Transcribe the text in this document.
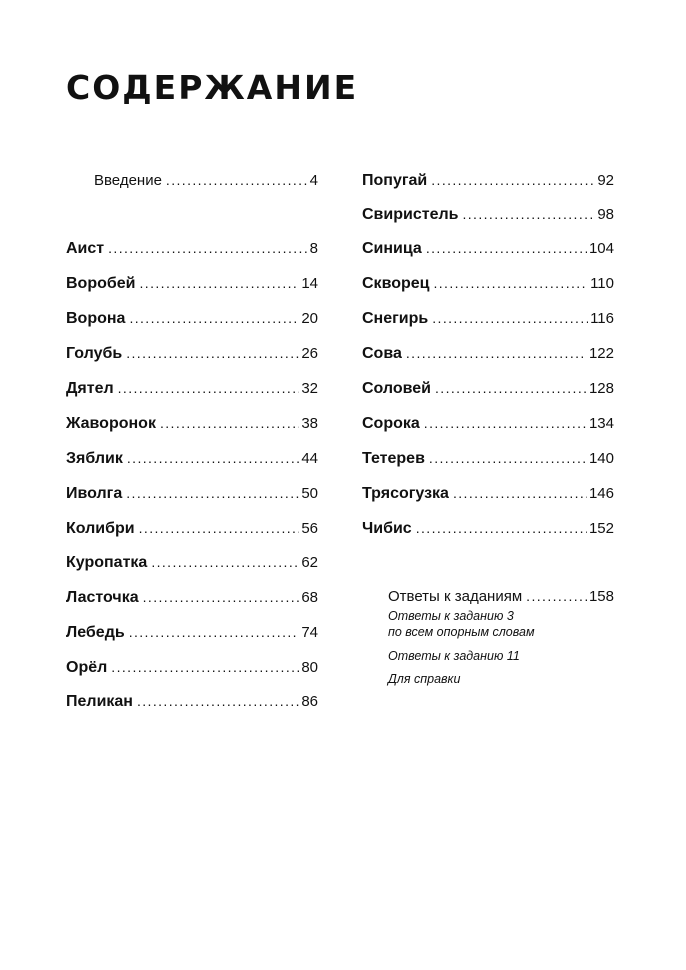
СОДЕРЖАНИЕ
Введение .....	4
Аист .....	8
Воробей .....	14
Ворона .....	20
Голубь .....	26
Дятел .....	32
Жаворонок .....	38
Зяблик .....	44
Иволга .....	50
Колибри .....	56
Куропатка .....	62
Ласточка .....	68
Лебедь .....	74
Орёл .....	80
Пеликан .....	86
Попугай .....	92
Свиристель .....	98
Синица .....	104
Скворец .....	110
Снегирь .....	116
Сова .....	122
Соловей .....	128
Сорока .....	134
Тетерев .....	140
Трясогузка .....	146
Чибис .....	152
Ответы к заданиям .....	158
Ответы к заданию 3
по всем опорным словам
Ответы к заданию 11
Для справки
